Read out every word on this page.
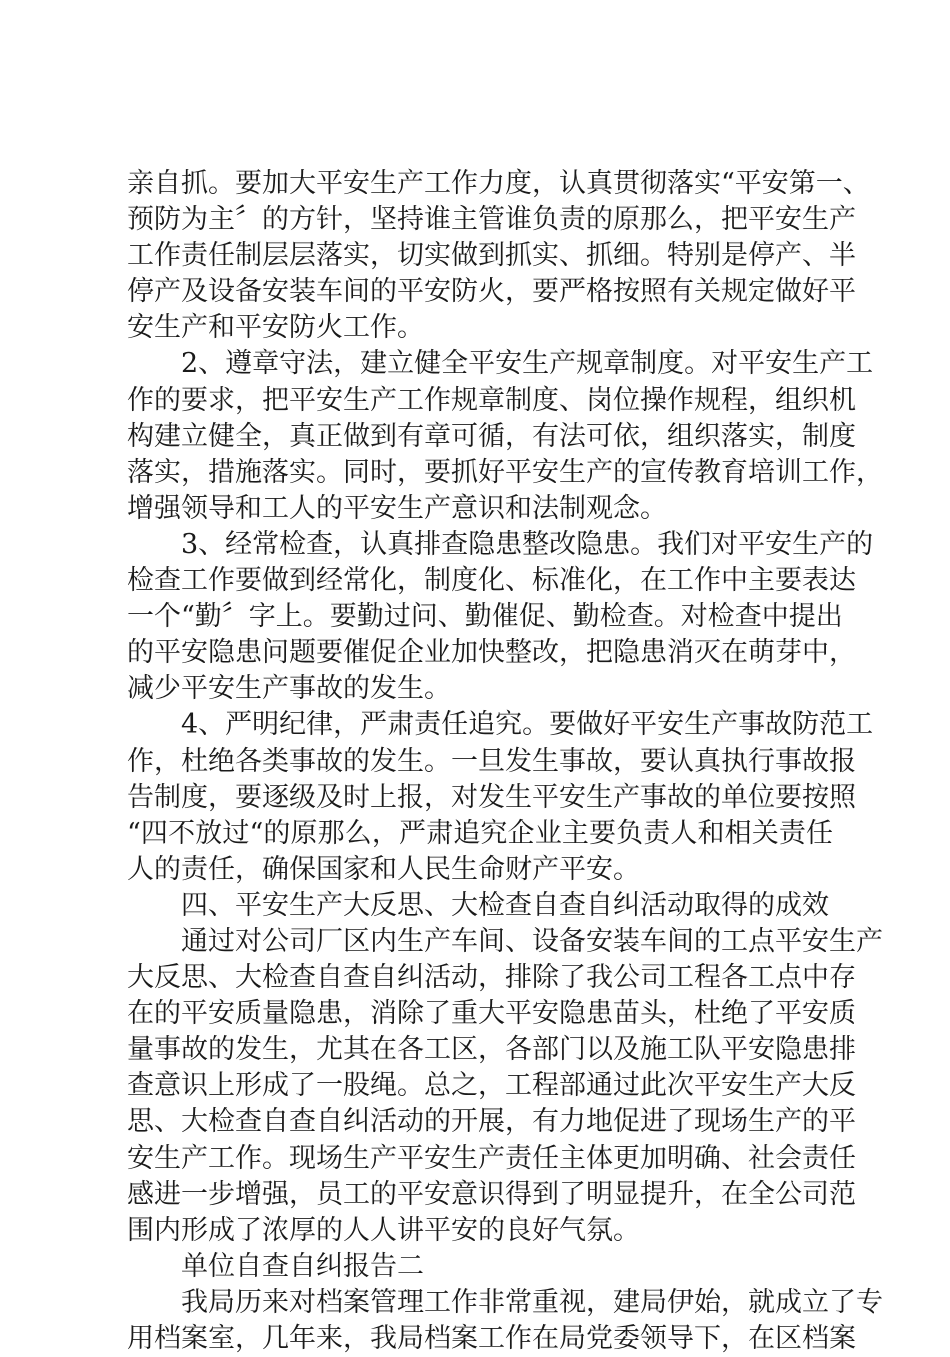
亲自抓。要加大平安生产工作力度，认真贯彻落实“平安第一、
预防为主〞的方针，坚持谁主管谁负责的原那么，把平安生产
工作责任制层层落实，切实做到抓实、抓细。特别是停产、半
停产及设备安装车间的平安防火，要严格按照有关规定做好平
安生产和平安防火工作。
2、遵章守法，建立健全平安生产规章制度。对平安生产工
作的要求，把平安生产工作规章制度、岗位操作规程，组织机
构建立健全，真正做到有章可循，有法可依，组织落实，制度
落实，措施落实。同时，要抓好平安生产的宣传教育培训工作，
增强领导和工人的平安生产意识和法制观念。
3、经常检查，认真排查隐患整改隐患。我们对平安生产的
检查工作要做到经常化，制度化、标准化，在工作中主要表达
一个“勤〞字上。要勤过问、勤催促、勤检查。对检查中提出
的平安隐患问题要催促企业加快整改，把隐患消灭在萌芽中，
减少平安生产事故的发生。
4、严明纪律，严肃责任追究。要做好平安生产事故防范工
作，杜绝各类事故的发生。一旦发生事故，要认真执行事故报
告制度，要逐级及时上报，对发生平安生产事故的单位要按照
“四不放过“的原那么，严肃追究企业主要负责人和相关责任
人的责任，确保国家和人民生命财产平安。
四、平安生产大反思、大检查自查自纠活动取得的成效
通过对公司厂区内生产车间、设备安装车间的工点平安生产
大反思、大检查自查自纠活动，排除了我公司工程各工点中存
在的平安质量隐患，消除了重大平安隐患苗头，杜绝了平安质
量事故的发生，尤其在各工区，各部门以及施工队平安隐患排
查意识上形成了一股绳。总之，工程部通过此次平安生产大反
思、大检查自查自纠活动的开展，有力地促进了现场生产的平
安生产工作。现场生产平安生产责任主体更加明确、社会责任
感进一步增强，员工的平安意识得到了明显提升，在全公司范
围内形成了浓厚的人人讲平安的良好气氛。
单位自查自纠报告二
我局历来对档案管理工作非常重视，建局伊始，就成立了专
用档案室，几年来，我局档案工作在局党委领导下，在区档案
